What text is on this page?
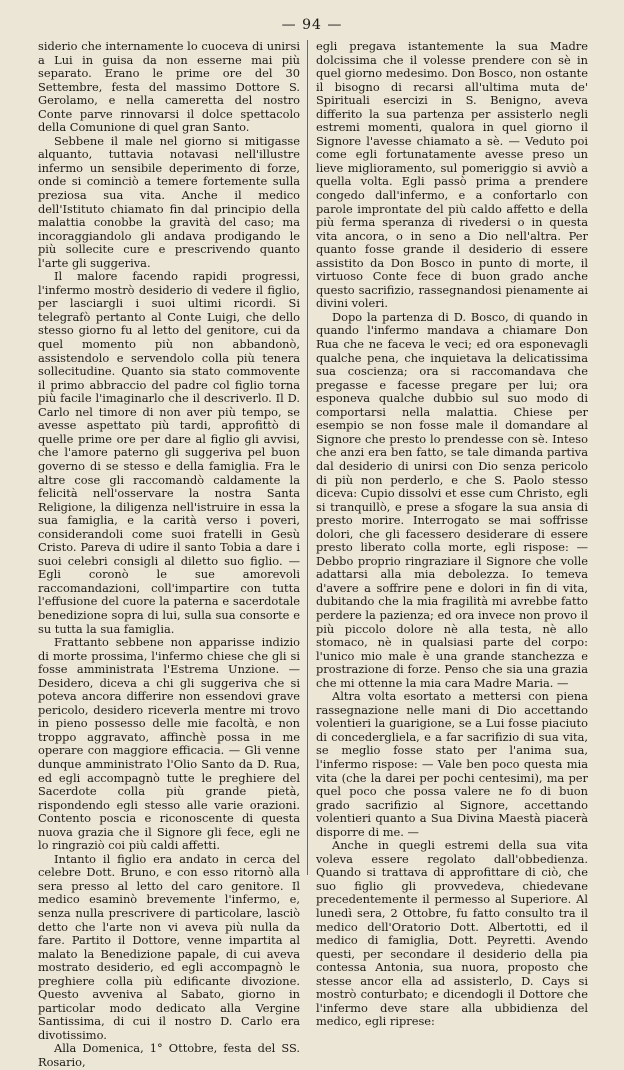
— 94 —

siderio che internamente lo cuoceva di unirsi a Lui in guisa da non esserne mai più separato. Erano le prime ore del 30 Settembre, festa del massimo Dottore S. Gerolamo, e nella cameretta del nostro Conte parve rinnovarsi il dolce spettacolo della Comunione di quel gran Santo.

Sebbene il male nel giorno si mitigasse alquanto, tuttavia notavasi nell'illustre infermo un sensibile deperimento di forze, onde si cominciò a temere fortemente sulla preziosa sua vita. Anche il medico dell'Istituto chiamato fin dal principio della malattia conobbe la gravità del caso; ma incoraggiandolo gli andava prodigando le più sollecite cure e prescrivendo quanto l'arte gli suggeriva.

Il malore facendo rapidi progressi, l'infermo mostrò desiderio di vedere il figlio, per lasciargli i suoi ultimi ricordi. Si telegrafò pertanto al Conte Luigi, che dello stesso giorno fu al letto del genitore, cui da quel momento più non abbandonò, assistendolo e servendolo colla più tenera sollecitudine. Quanto sia stato commovente il primo abbraccio del padre col figlio torna più facile l'imaginarlo che il descriverlo. Il D. Carlo nel timore di non aver più tempo, se avesse aspettato più tardi, approfittò di quelle prime ore per dare al figlio gli avvisi, che l'amore paterno gli suggeriva pel buon governo di se stesso e della famiglia. Fra le altre cose gli raccomandò caldamente la felicità nell'osservare la nostra Santa Religione, la diligenza nell'istruire in essa la sua famiglia, e la carità verso i poveri, considerandoli come suoi fratelli in Gesù Cristo. Pareva di udire il santo Tobia a dare i suoi celebri consigli al diletto suo figlio. — Egli coronò le sue amorevoli raccomandazioni, coll'impartire con tutta l'effusione del cuore la paterna e sacerdotale benedizione sopra di lui, sulla sua consorte e su tutta la sua famiglia.

Frattanto sebbene non apparisse indizio di morte prossima, l'infermo chiese che gli si fosse amministrata l'Estrema Unzione. — Desidero, diceva a chi gli suggeriva che si poteva ancora differire non essendovi grave pericolo, desidero riceverla mentre mi trovo in pieno possesso delle mie facoltà, e non troppo aggravato, affinchè possa in me operare con maggiore efficacia. — Gli venne dunque amministrato l'Olio Santo da D. Rua, ed egli accompagnò tutte le preghiere del Sacerdote colla più grande pietà, rispondendo egli stesso alle varie orazioni. Contento poscia e riconoscente di questa nuova grazia che il Signore gli fece, egli ne lo ringraziò coi più caldi affetti.

Intanto il figlio era andato in cerca del celebre Dott. Bruno, e con esso ritornò alla sera presso al letto del caro genitore. Il medico esaminò brevemente l'infermo, e, senza nulla prescrivere di particolare, lasciò detto che l'arte non vi aveva più nulla da fare. Partito il Dottore, venne impartita al malato la Benedizione papale, di cui aveva mostrato desiderio, ed egli accompagnò le preghiere colla più edificante divozione. Questo avveniva al Sabato, giorno in particolar modo dedicato alla Vergine Santissima, di cui il nostro D. Carlo era divotissimo.

Alla Domenica, 1° Ottobre, festa del SS. Rosario,

egli pregava istantemente la sua Madre dolcissima che il volesse prendere con sè in quel giorno medesimo. Don Bosco, non ostante il bisogno di recarsi all'ultima muta de' Spirituali esercizi in S. Benigno, aveva differito la sua partenza per assisterlo negli estremi momenti, qualora in quel giorno il Signore l'avesse chiamato a sè. — Veduto poi come egli fortunatamente avesse preso un lieve miglioramento, sul pomeriggio si avviò a quella volta. Egli passò prima a prendere congedo dall'infermo, e a confortarlo con parole improntate del più caldo affetto e della più ferma speranza di rivedersi o in questa vita ancora, o in seno a Dio nell'altra. Per quanto fosse grande il desiderio di essere assistito da Don Bosco in punto di morte, il virtuoso Conte fece di buon grado anche questo sacrifizio, rassegnandosi pienamente ai divini voleri.

Dopo la partenza di D. Bosco, di quando in quando l'infermo mandava a chiamare Don Rua che ne faceva le veci; ed ora esponevagli qualche pena, che inquietava la delicatissima sua coscienza; ora si raccomandava che pregasse e facesse pregare per lui; ora esponeva qualche dubbio sul suo modo di comportarsi nella malattia. Chiese per esempio se non fosse male il domandare al Signore che presto lo prendesse con sè. Inteso che anzi era ben fatto, se tale dimanda partiva dal desiderio di unirsi con Dio senza pericolo di più non perderlo, e che S. Paolo stesso diceva: Cupio dissolvi et esse cum Christo, egli si tranquillò, e prese a sfogare la sua ansia di presto morire. Interrogato se mai soffrisse dolori, che gli facessero desiderare di essere presto liberato colla morte, egli rispose: — Debbo proprio ringraziare il Signore che volle adattarsi alla mia debolezza. Io temeva d'avere a soffrire pene e dolori in fin di vita, dubitando che la mia fragilità mi avrebbe fatto perdere la pazienza; ed ora invece non provo il più piccolo dolore nè alla testa, nè allo stomaco, nè in qualsiasi parte del corpo: l'unico mio male è una grande stanchezza e prostrazione di forze. Penso che sia una grazia che mi ottenne la mia cara Madre Maria. —

Altra volta esortato a mettersi con piena rassegnazione nelle mani di Dio accettando volentieri la guarigione, se a Lui fosse piaciuto di concedergliela, e a far sacrifizio di sua vita, se meglio fosse stato per l'anima sua, l'infermo rispose: — Vale ben poco questa mia vita (che la darei per pochi centesimi), ma per quel poco che possa valere ne fo di buon grado sacrifizio al Signore, accettando volentieri quanto a Sua Divina Maestà piacerà disporre di me. —

Anche in quegli estremi della sua vita voleva essere regolato dall'obbedienza. Quando si trattava di approfittare di ciò, che suo figlio gli provvedeva, chiedevane precedentemente il permesso al Superiore. Al lunedì sera, 2 Ottobre, fu fatto consulto tra il medico dell'Oratorio Dott. Albertotti, ed il medico di famiglia, Dott. Peyretti. Avendo questi, per secondare il desiderio della pia contessa Antonia, sua nuora, proposto che stesse ancor ella ad assisterlo, D. Cays si mostrò conturbato; e dicendogli il Dottore che l'infermo deve stare alla ubbidienza del medico, egli riprese:
